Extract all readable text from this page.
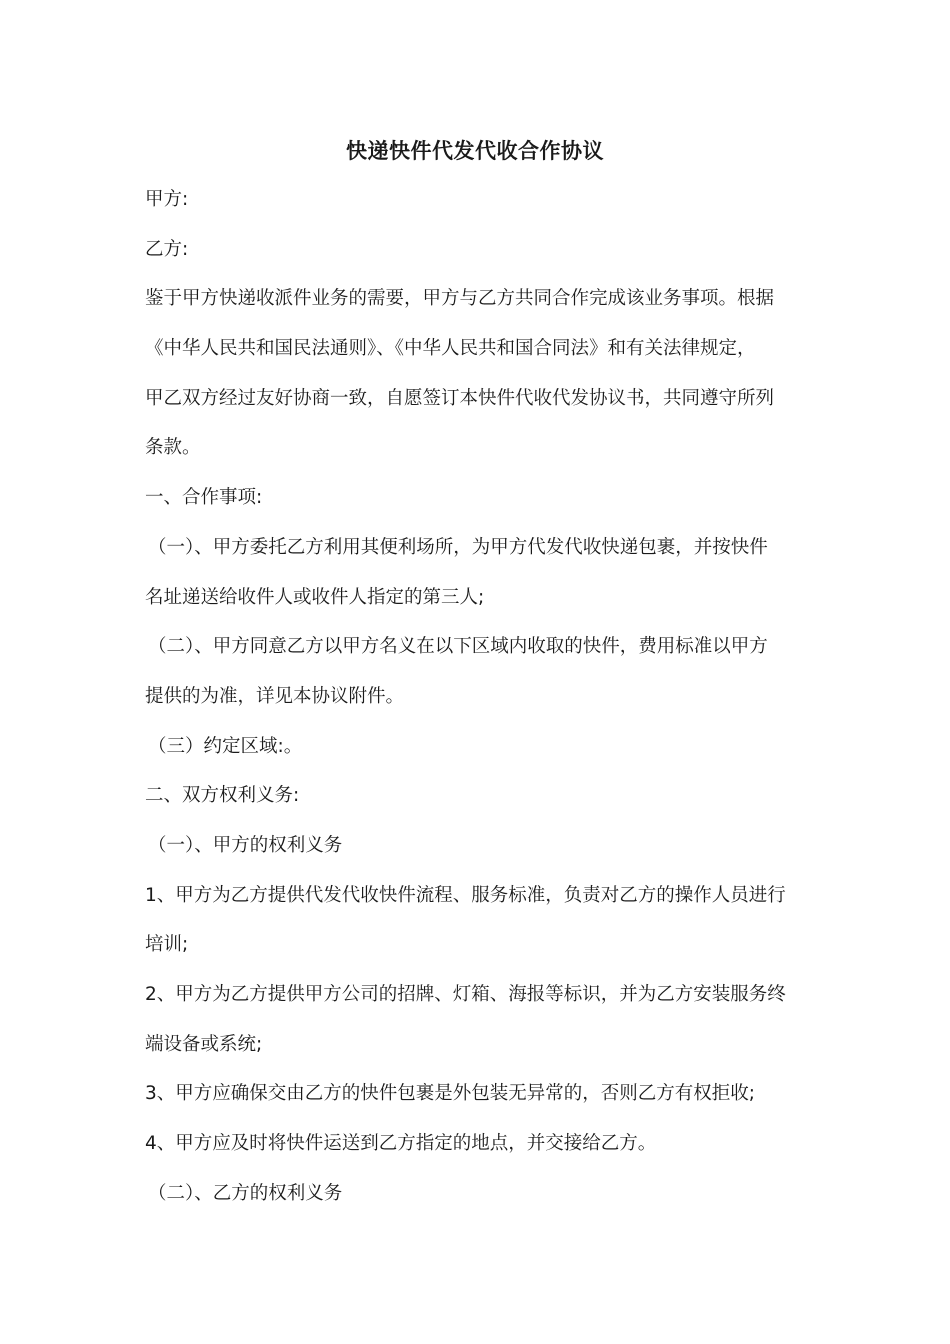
快递快件代发代收合作协议
甲方:
乙方:
鉴于甲方快递收派件业务的需要，甲方与乙方共同合作完成该业务事项。根据
《中华人民共和国民法通则》、《中华人民共和国合同法》和有关法律规定，
甲乙双方经过友好协商一致，自愿签订本快件代收代发协议书，共同遵守所列
条款。
一、合作事项:
（一）、甲方委托乙方利用其便利场所，为甲方代发代收快递包裹，并按快件
名址递送给收件人或收件人指定的第三人;
（二）、甲方同意乙方以甲方名义在以下区域内收取的快件，费用标准以甲方
提供的为准，详见本协议附件。
（三）约定区域:。
二、双方权利义务:
（一）、甲方的权利义务
1、甲方为乙方提供代发代收快件流程、服务标准，负责对乙方的操作人员进行
培训;
2、甲方为乙方提供甲方公司的招牌、灯箱、海报等标识，并为乙方安装服务终
端设备或系统;
3、甲方应确保交由乙方的快件包裹是外包装无异常的，否则乙方有权拒收;
4、甲方应及时将快件运送到乙方指定的地点，并交接给乙方。
（二）、乙方的权利义务
